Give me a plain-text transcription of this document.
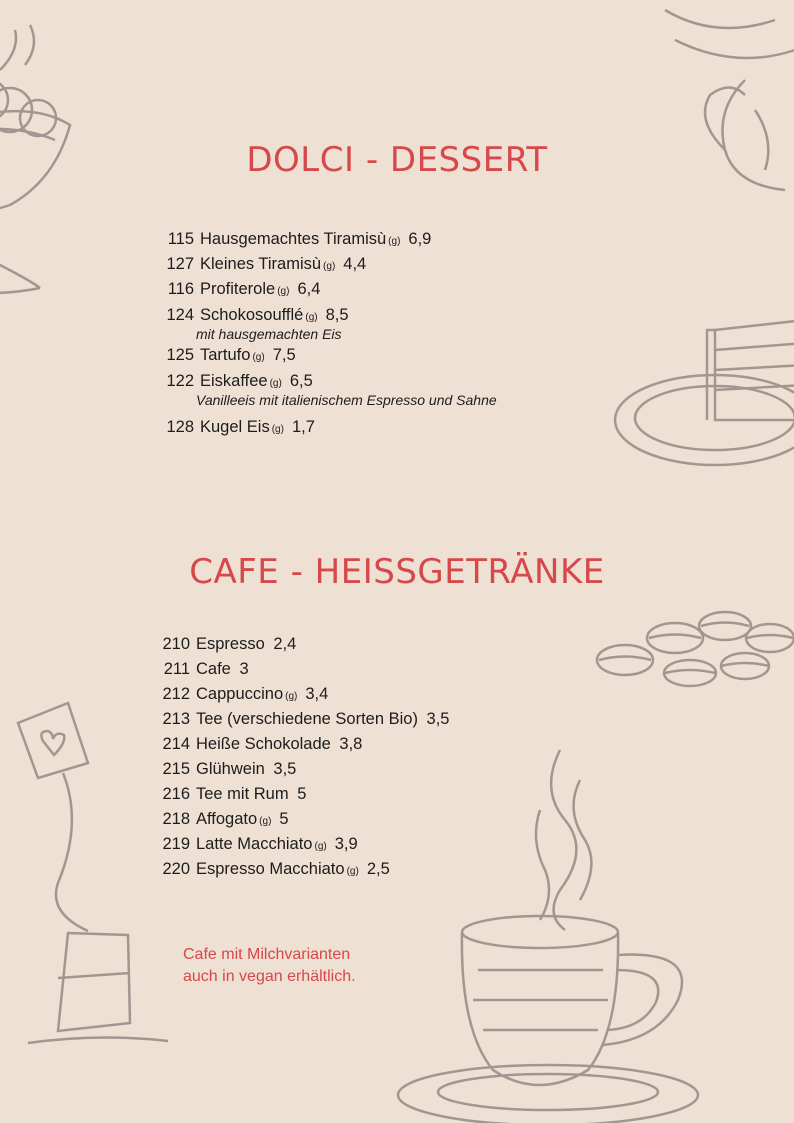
DOLCI - DESSERT
115 Hausgemachtes Tiramisù (g) 6,9
127 Kleines Tiramisù (g) 4,4
116 Profiterole (g) 6,4
124 Schokosoufflé (g) 8,5
mit hausgemachten Eis
125 Tartufo (g) 7,5
122 Eiskaffee (g) 6,5
Vanilleeis mit italienischem Espresso und Sahne
128 Kugel Eis (g) 1,7
CAFE - HEISSGETRÄNKE
210 Espresso 2,4
211 Cafe 3
212 Cappuccino (g) 3,4
213 Tee (verschiedene Sorten Bio) 3,5
214 Heiße Schokolade 3,8
215 Glühwein 3,5
216 Tee mit Rum 5
218 Affogato (g) 5
219 Latte Macchiato (g) 3,9
220 Espresso Macchiato (g) 2,5

Cafe mit Milchvarianten
auch in vegan erhältlich.
